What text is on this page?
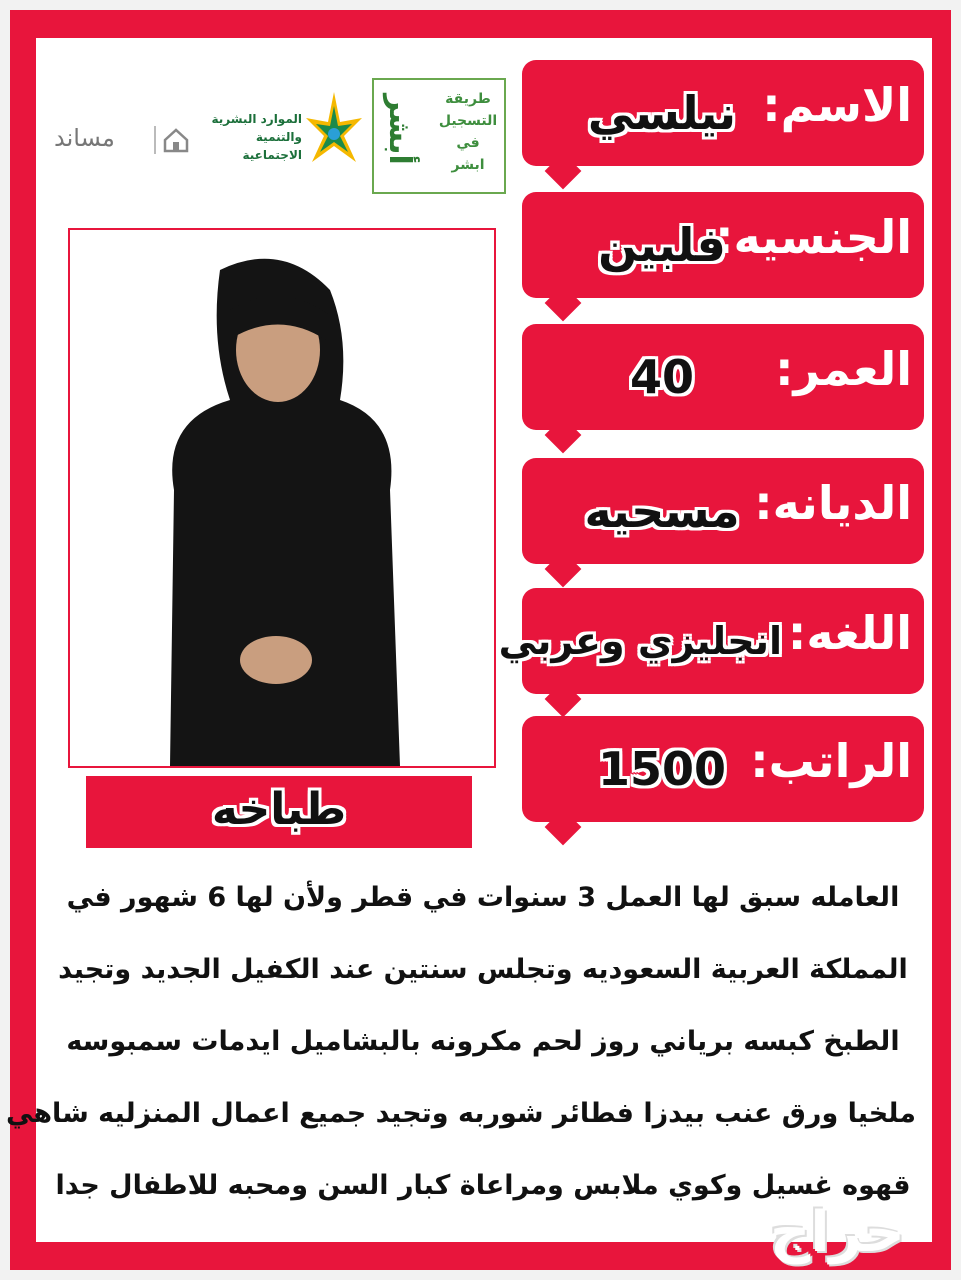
أبشر	طريقة التسجيل في ابشر
الموارد البشرية والتنمية الاجتماعية
مساند
الاسم:
نيلسي
الجنسيه:
فلبين
العمر:
40
الديانه:
مسحيه
اللغه:
انجليزي وعربي
الراتب:
1500
طباخه
العامله سبق لها العمل 3 سنوات في قطر ولأن لها 6 شهور في
المملكة العربية السعوديه وتجلس سنتين عند الكفيل الجديد وتجيد
الطبخ كبسه برياني روز لحم مكرونه بالبشاميل ايدمات سمبوسه
ملخيا ورق عنب بيدزا فطائر شوربه وتجيد جميع اعمال المنزليه شاهي
قهوه غسيل وكوي ملابس ومراعاة كبار السن ومحبه للاطفال جدا
حراج
